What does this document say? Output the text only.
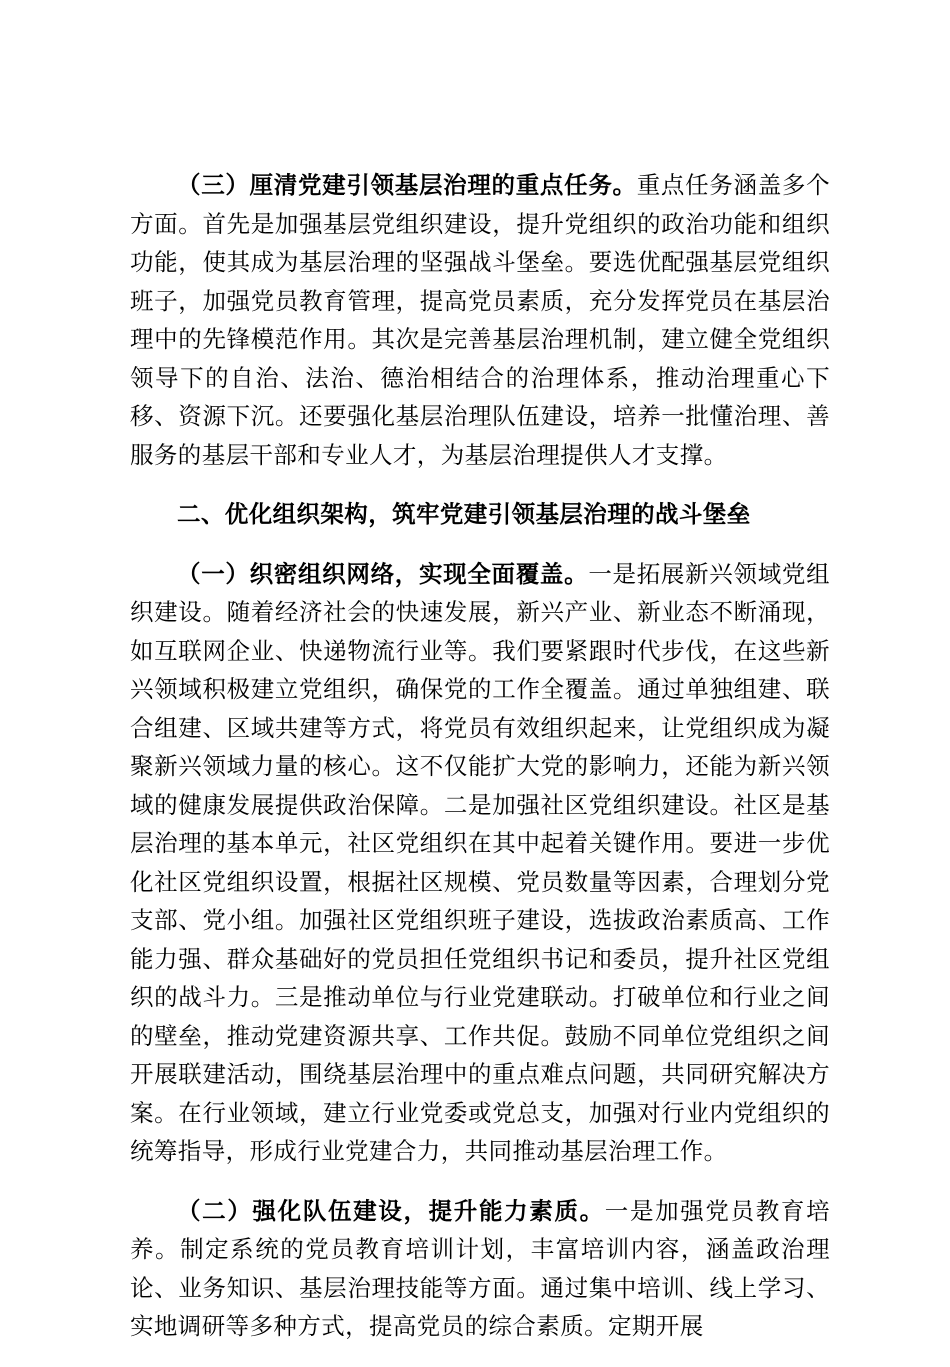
（三）厘清党建引领基层治理的重点任务。重点任务涵盖多个方面。首先是加强基层党组织建设，提升党组织的政治功能和组织功能，使其成为基层治理的坚强战斗堡垒。要选优配强基层党组织班子，加强党员教育管理，提高党员素质，充分发挥党员在基层治理中的先锋模范作用。其次是完善基层治理机制，建立健全党组织领导下的自治、法治、德治相结合的治理体系，推动治理重心下移、资源下沉。还要强化基层治理队伍建设，培养一批懂治理、善服务的基层干部和专业人才，为基层治理提供人才支撑。

二、优化组织架构，筑牢党建引领基层治理的战斗堡垒

（一）织密组织网络，实现全面覆盖。一是拓展新兴领域党组织建设。随着经济社会的快速发展，新兴产业、新业态不断涌现，如互联网企业、快递物流行业等。我们要紧跟时代步伐，在这些新兴领域积极建立党组织，确保党的工作全覆盖。通过单独组建、联合组建、区域共建等方式，将党员有效组织起来，让党组织成为凝聚新兴领域力量的核心。这不仅能扩大党的影响力，还能为新兴领域的健康发展提供政治保障。二是加强社区党组织建设。社区是基层治理的基本单元，社区党组织在其中起着关键作用。要进一步优化社区党组织设置，根据社区规模、党员数量等因素，合理划分党支部、党小组。加强社区党组织班子建设，选拔政治素质高、工作能力强、群众基础好的党员担任党组织书记和委员，提升社区党组织的战斗力。三是推动单位与行业党建联动。打破单位和行业之间的壁垒，推动党建资源共享、工作共促。鼓励不同单位党组织之间开展联建活动，围绕基层治理中的重点难点问题，共同研究解决方案。在行业领域，建立行业党委或党总支，加强对行业内党组织的统筹指导，形成行业党建合力，共同推动基层治理工作。

（二）强化队伍建设，提升能力素质。一是加强党员教育培养。制定系统的党员教育培训计划，丰富培训内容，涵盖政治理论、业务知识、基层治理技能等方面。通过集中培训、线上学习、实地调研等多种方式，提高党员的综合素质。定期开展
